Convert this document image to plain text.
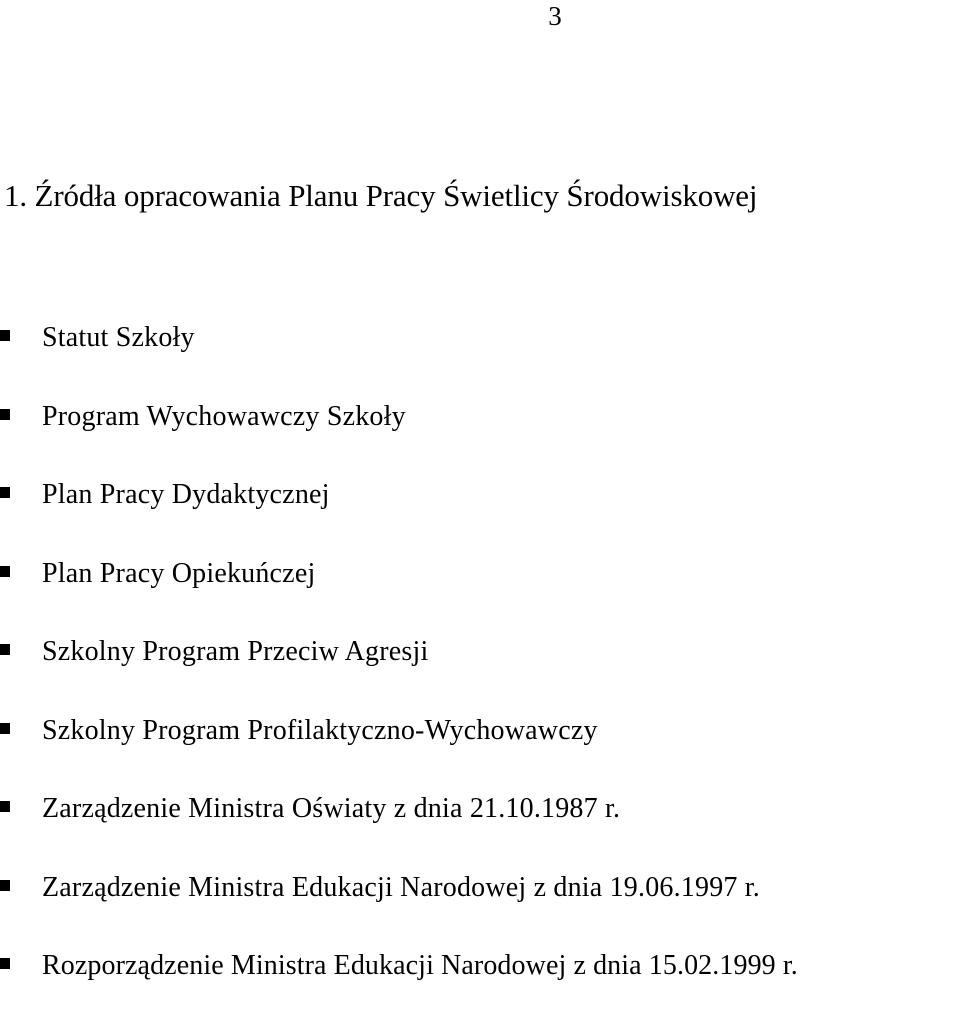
3
1. Źródła opracowania Planu Pracy Świetlicy Środowiskowej
Statut Szkoły
Program Wychowawczy Szkoły
Plan Pracy Dydaktycznej
Plan Pracy Opiekuńczej
Szkolny Program Przeciw Agresji
Szkolny Program Profilaktyczno-Wychowawczy
Zarządzenie Ministra Oświaty z dnia 21.10.1987 r.
Zarządzenie Ministra Edukacji Narodowej z dnia 19.06.1997 r.
Rozporządzenie Ministra Edukacji Narodowej z dnia 15.02.1999 r.
